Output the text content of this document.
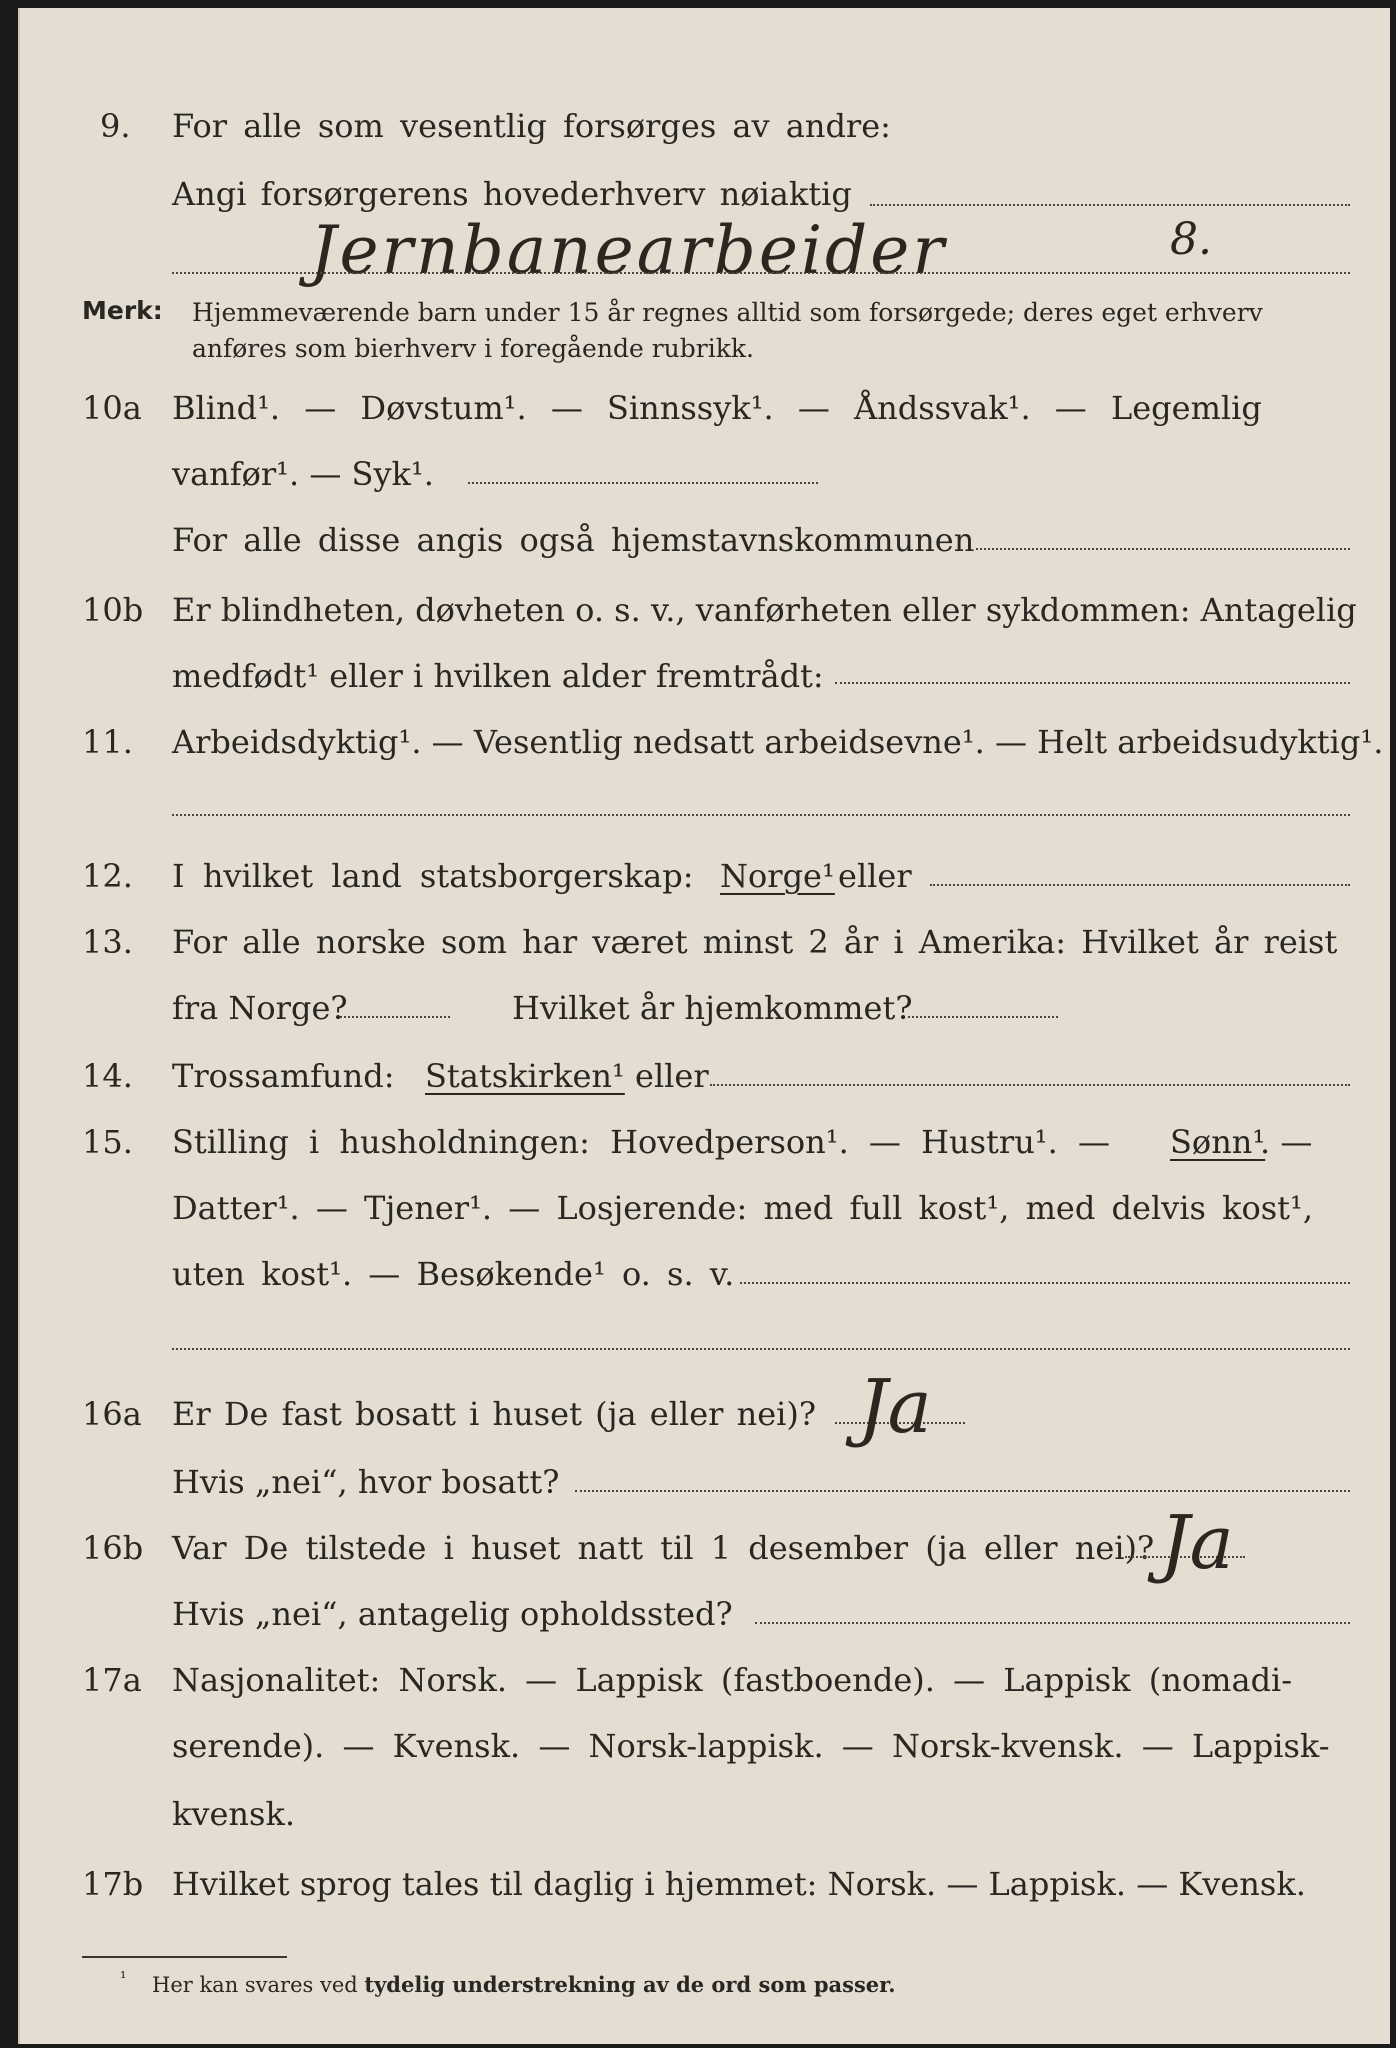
9. For alle som vesentlig forsørges av andre:
Angi forsørgerens hovederhverv nøiaktig
Jernbanearbeider	8.
Merk: Hjemmeværende barn under 15 år regnes alltid som forsørgede; deres eget erhverv
anføres som bierhverv i foregående rubrikk.
10a Blind¹. — Døvstum¹. — Sinnssyk¹. — Åndssvak¹. — Legemlig
vanfør¹. — Syk¹.
For alle disse angis også hjemstavnskommunen
10b Er blindheten, døvheten o. s. v., vanførheten eller sykdommen: Antagelig
medfødt¹ eller i hvilken alder fremtrådt:
11. Arbeidsdyktig¹. — Vesentlig nedsatt arbeidsevne¹. — Helt arbeidsudyktig¹.
12. I hvilket land statsborgerskap: Norge¹ eller
13. For alle norske som har været minst 2 år i Amerika: Hvilket år reist
fra Norge?	Hvilket år hjemkommet?
14. Trossamfund: Statskirken¹ eller
15. Stilling i husholdningen: Hovedperson¹. — Hustru¹. — Sønn¹
. —
Datter¹. — Tjener¹. — Losjerende: med full kost¹, med delvis kost¹,
uten kost¹. — Besøkende¹ o. s. v.
16a Er De fast bosatt i huset (ja eller nei)? Ja
Hvis „nei“, hvor bosatt?
16b Var De tilstede i huset natt til 1 desember (ja eller nei)? Ja
Hvis „nei“, antagelig opholdssted?
17a Nasjonalitet: Norsk. — Lappisk (fastboende). — Lappisk (nomadi-
serende). — Kvensk. — Norsk-lappisk. — Norsk-kvensk. — Lappisk-
kvensk.
17b Hvilket sprog tales til daglig i hjemmet: Norsk. — Lappisk. — Kvensk.
¹ Her kan svares ved tydelig understrekning av de ord som passer.
